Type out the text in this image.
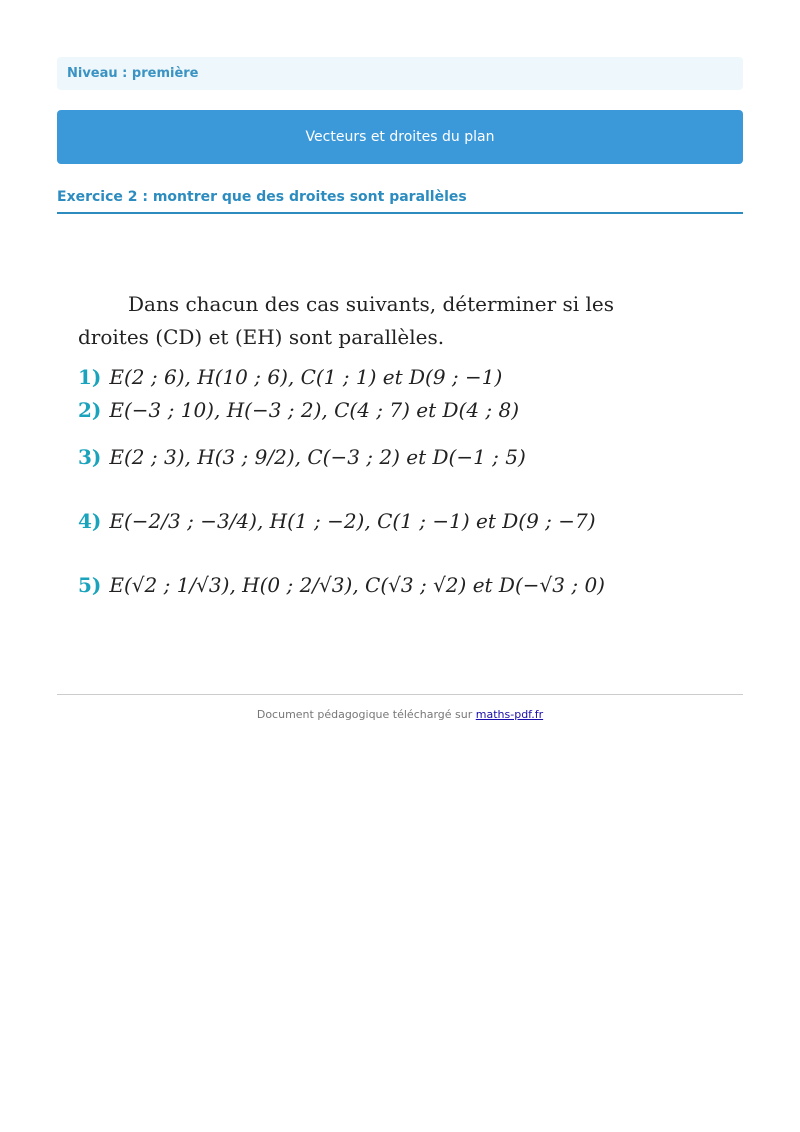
Niveau : première
Vecteurs et droites du plan
Exercice 2 : montrer que des droites sont parallèles

Dans chacun des cas suivants, déterminer si les droites (CD) et (EH) sont parallèles.

1) E(2 ; 6), H(10 ; 6), C(1 ; 1) et D(9 ; −1)
2) E(−3 ; 10), H(−3 ; 2), C(4 ; 7) et D(4 ; 8)
3) E(2 ; 3), H(3 ; 9/2), C(−3 ; 2) et D(−1 ; 5)
4) E(−2/3 ; −3/4), H(1 ; −2), C(1 ; −1) et D(9 ; −7)
5) E(√2 ; 1/√3), H(0 ; 2/√3), C(√3 ; √2) et D(−√3 ; 0)
Document pédagogique téléchargé sur maths-pdf.fr
